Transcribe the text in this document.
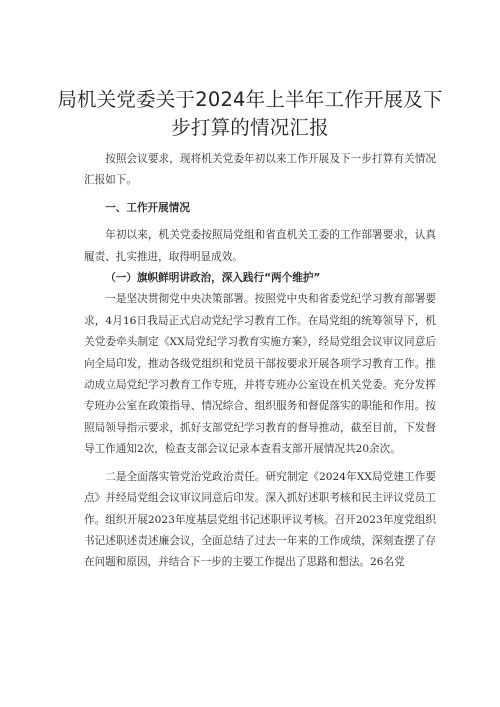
局机关党委关于2024年上半年工作开展及下
步打算的情况汇报

按照会议要求，现将机关党委年初以来工作开展及下一步打算有关情况汇报如下。

一、工作开展情况

年初以来，机关党委按照局党组和省直机关工委的工作部署要求，认真履责、扎实推进，取得明显成效。

（一）旗帜鲜明讲政治，深入践行“两个维护”

一是坚决贯彻党中央决策部署。按照党中央和省委党纪学习教育部署要求，4月16日我局正式启动党纪学习教育工作。在局党组的统筹领导下，机关党委牵头制定《XX局党纪学习教育实施方案》，经局党组会议审议同意后向全局印发，推动各级党组织和党员干部按要求开展各项学习教育工作。推动成立局党纪学习教育工作专班，并将专班办公室设在机关党委。充分发挥专班办公室在政策指导、情况综合、组织服务和督促落实的职能和作用。按照局领导指示要求，抓好支部党纪学习教育的督导推动，截至目前，下发督导工作通知2次，检查支部会议记录本查看支部开展情况共20余次。

二是全面落实管党治党政治责任。研究制定《2024年XX局党建工作要点》并经局党组会议审议同意后印发。深入抓好述职考核和民主评议党员工作。组织开展2023年度基层党组书记述职评议考核。召开2023年度党组织书记述职述责述廉会议，全面总结了过去一年来的工作成绩，深刻查摆了存在问题和原因，并结合下一步的主要工作提出了思路和想法。26名党
